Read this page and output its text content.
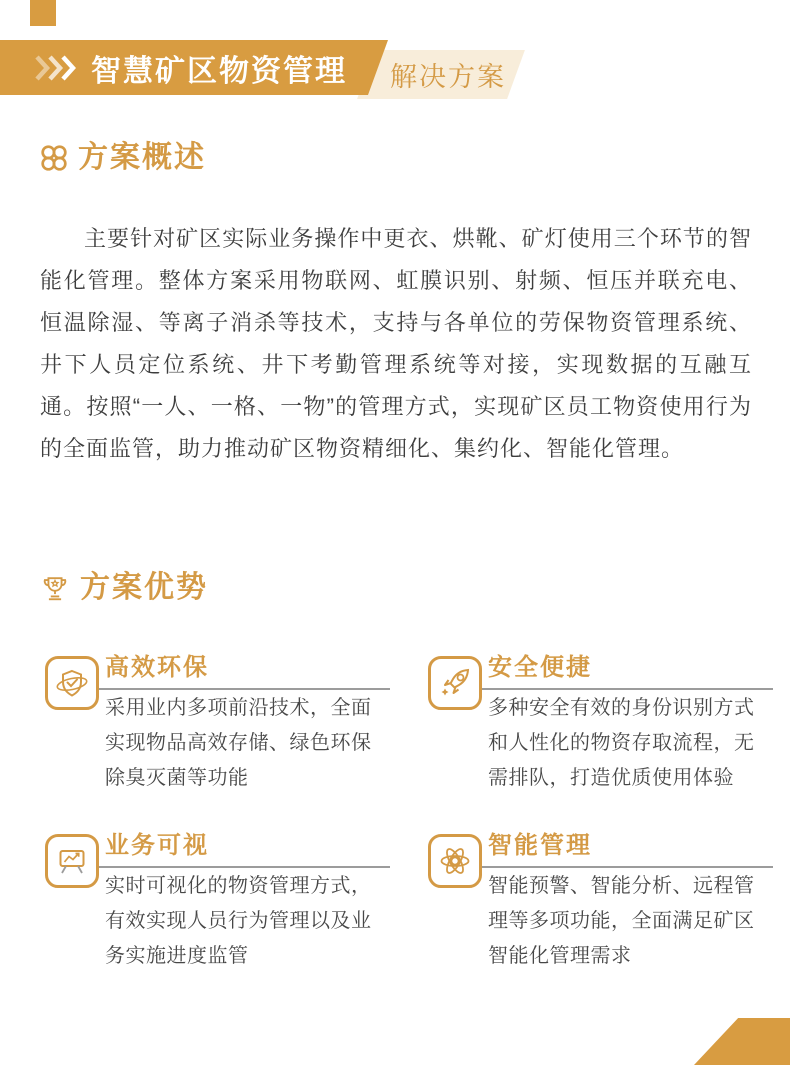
智慧矿区物资管理	解决方案
方案概述

主要针对矿区实际业务操作中更衣、烘靴、矿灯使用三个环节的智能化管理。整体方案采用物联网、虹膜识别、射频、恒压并联充电、恒温除湿、等离子消杀等技术，支持与各单位的劳保物资管理系统、井下人员定位系统、井下考勤管理系统等对接，实现数据的互融互通。按照“一人、一格、一物”的管理方式，实现矿区员工物资使用行为的全面监管，助力推动矿区物资精细化、集约化、智能化管理。

方案优势
高效环保

采用业内多项前沿技术，全面实现物品高效存储、绿色环保除臭灭菌等功能

安全便捷

多种安全有效的身份识别方式和人性化的物资存取流程，无需排队，打造优质使用体验

业务可视

实时可视化的物资管理方式，有效实现人员行为管理以及业务实施进度监管

智能管理

智能预警、智能分析、远程管理等多项功能，全面满足矿区智能化管理需求
